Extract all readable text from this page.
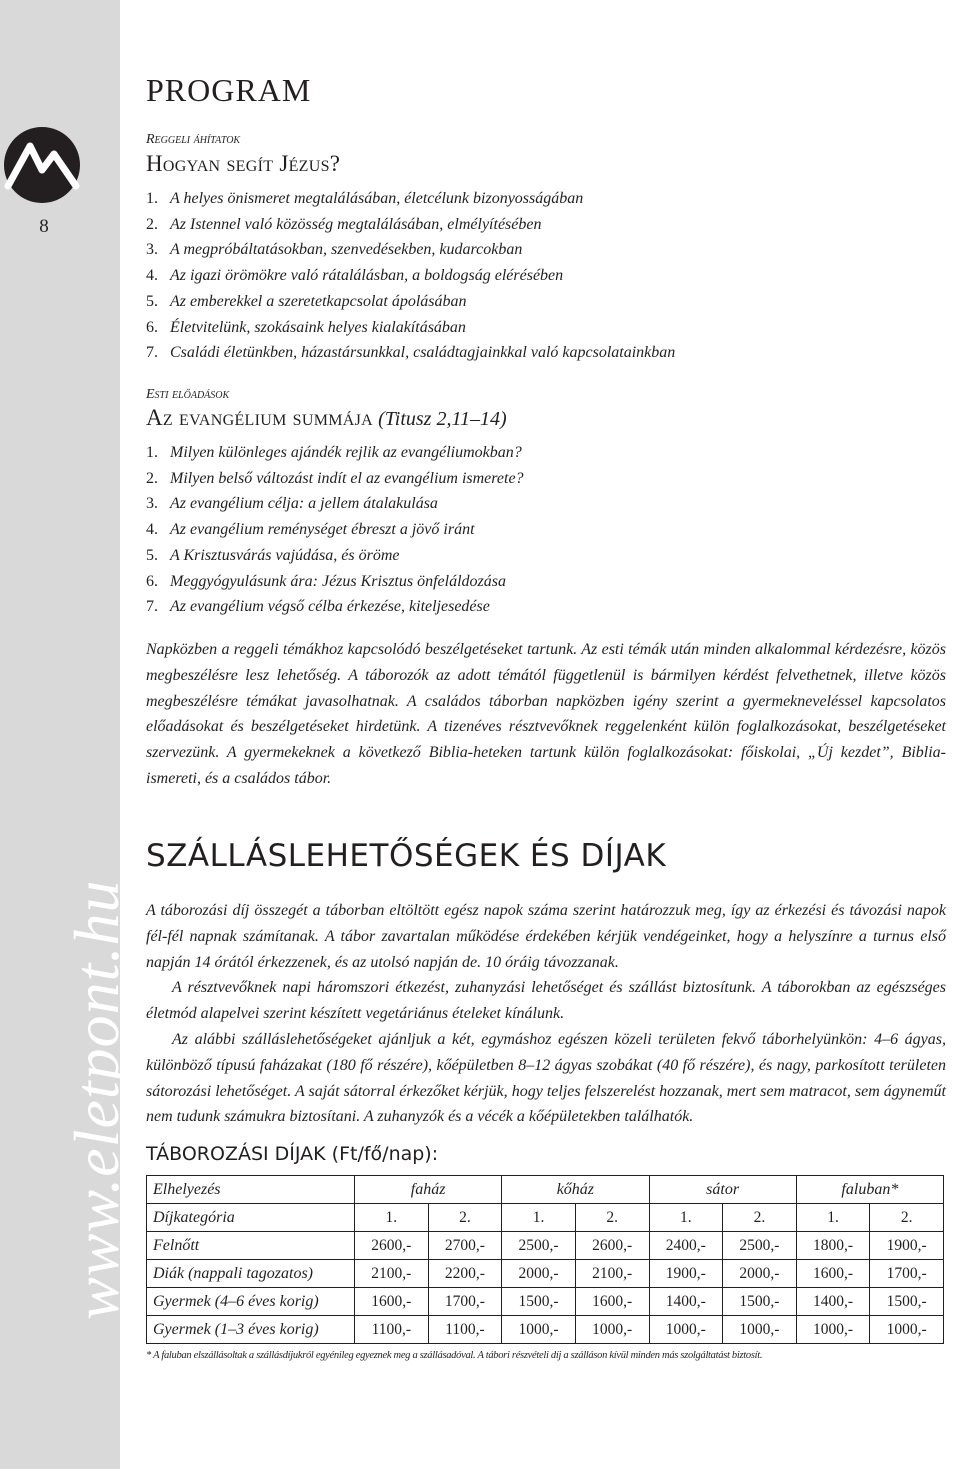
8
www.eletpont.hu
PROGRAM
Reggeli áhítatok
Hogyan segít Jézus?
1. A helyes önismeret megtalálásában, életcélunk bizonyosságában
2. Az Istennel való közösség megtalálásában, elmélyítésében
3. A megpróbáltatásokban, szenvedésekben, kudarcokban
4. Az igazi örömökre való rátalálásban, a boldogság elérésében
5. Az emberekkel a szeretetkapcsolat ápolásában
6. Életvitelünk, szokásaink helyes kialakításában
7. Családi életünkben, házastársunkkal, családtagjainkkal való kapcsolatainkban
Esti előadások
Az evangélium summája (Titusz 2,11–14)
1. Milyen különleges ajándék rejlik az evangéliumokban?
2. Milyen belső változást indít el az evangélium ismerete?
3. Az evangélium célja: a jellem átalakulása
4. Az evangélium reménységet ébreszt a jövő iránt
5. A Krisztusvárás vajúdása, és öröme
6. Meggyógyulásunk ára: Jézus Krisztus önfeláldozása
7. Az evangélium végső célba érkezése, kiteljesedése

Napközben a reggeli témákhoz kapcsolódó beszélgetéseket tartunk. Az esti témák után minden alkalommal kérdezésre, közös megbeszélésre lesz lehetőség. A táborozók az adott témától függetlenül is bármilyen kérdést felvethetnek, illetve közös megbeszélésre témákat javasolhatnak. A családos táborban napközben igény szerint a gyermekneveléssel kapcsolatos előadásokat és beszélgetéseket hirdetünk. A tizenéves résztvevőknek reggelenként külön foglalkozásokat, beszélgetéseket szervezünk. A gyermekeknek a következő Biblia-heteken tartunk külön foglalkozásokat: főiskolai, „Új kezdet”, Biblia-ismereti, és a családos tábor.

SZÁLLÁSLEHETŐSÉGEK ÉS DÍJAK

A táborozási díj összegét a táborban eltöltött egész napok száma szerint határozzuk meg, így az érkezési és távozási napok fél-fél napnak számítanak. A tábor zavartalan működése érdekében kérjük vendégeinket, hogy a helyszínre a turnus első napján 14 órától érkezzenek, és az utolsó napján de. 10 óráig távozzanak.

A résztvevőknek napi háromszori étkezést, zuhanyzási lehetőséget és szállást biztosítunk. A táborokban az egészséges életmód alapelvei szerint készített vegetáriánus ételeket kínálunk.

Az alábbi szálláslehetőségeket ajánljuk a két, egymáshoz egészen közeli területen fekvő táborhelyünkön: 4–6 ágyas, különböző típusú faházakat (180 fő részére), kőépületben 8–12 ágyas szobákat (40 fő részére), és nagy, parkosított területen sátorozási lehetőséget. A saját sátorral érkezőket kérjük, hogy teljes felszerelést hozzanak, mert sem matracot, sem ágyneműt nem tudunk számukra biztosítani. A zuhanyzók és a vécék a kőépületekben találhatók.

TÁBOROZÁSI DÍJAK (Ft/fő/nap):
Elhelyezés	faház		kőház		sátor		faluban*	
Díjkategória	1.	2.	1.	2.	1.	2.	1.	2.
Felnőtt	2600,-	2700,-	2500,-	2600,-	2400,-	2500,-	1800,-	1900,-
Diák (nappali tagozatos)	2100,-	2200,-	2000,-	2100,-	1900,-	2000,-	1600,-	1700,-
Gyermek (4–6 éves korig)	1600,-	1700,-	1500,-	1600,-	1400,-	1500,-	1400,-	1500,-
Gyermek (1–3 éves korig)	1100,-	1100,-	1000,-	1000,-	1000,-	1000,-	1000,-	1000,-
* A faluban elszállásoltak a szállásdíjukról egyénileg egyeznek meg a szállásadóval. A tábori részvételi díj a szálláson kívül minden más szolgáltatást biztosít.
